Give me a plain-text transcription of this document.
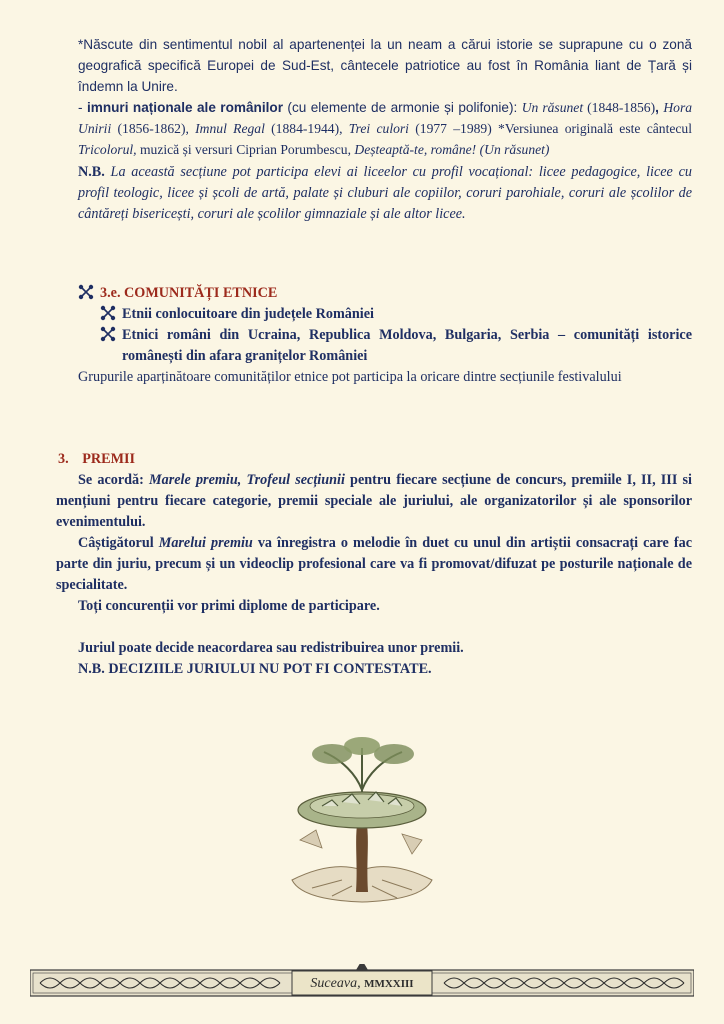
*Născute din sentimentul nobil al apartenenței la un neam a cărui istorie se suprapune cu o zonă geografică specifică Europei de Sud-Est, cântecele patriotice au fost în România liant de Țară și îndemn la Unire.

- imnuri naționale ale românilor (cu elemente de armonie și polifonie): Un răsunet (1848-1856), Hora Unirii (1856-1862), Imnul Regal (1884-1944), Trei culori (1977 –1989) *Versiunea originală este cântecul Tricolorul, muzică și versuri Ciprian Porumbescu, Deșteaptă-te, române! (Un răsunet)

N.B. La această secțiune pot participa elevi ai liceelor cu profil vocațional: licee pedagogice, licee cu profil teologic, licee și școli de artă, palate și cluburi ale copiilor, coruri parohiale, coruri ale școlilor de cântăreți bisericești, coruri ale școlilor gimnaziale și ale altor licee.

3.e. COMUNITĂȚI ETNICE
Etnii conlocuitoare din județele României
Etnici români din Ucraina, Republica Moldova, Bulgaria, Serbia – comunități istorice românești din afara granițelor României

Grupurile aparținătoare comunităților etnice pot participa la oricare dintre secțiunile festivalului

3. PREMII

Se acordă: Marele premiu, Trofeul secțiunii pentru fiecare secțiune de concurs, premiile I, II, III si mențiuni pentru fiecare categorie, premii speciale ale juriului, ale organizatorilor și ale sponsorilor evenimentului.

Câștigătorul Marelui premiu va înregistra o melodie în duet cu unul din artiștii consacrați care fac parte din juriu, precum și un videoclip profesional care va fi promovat/difuzat pe posturile naționale de specialitate.

Toți concurenții vor primi diplome de participare.

Juriul poate decide neacordarea sau redistribuirea unor premii.

N.B. DECIZIILE JURIULUI NU POT FI CONTESTATE.

Suceava, MMXXIII
